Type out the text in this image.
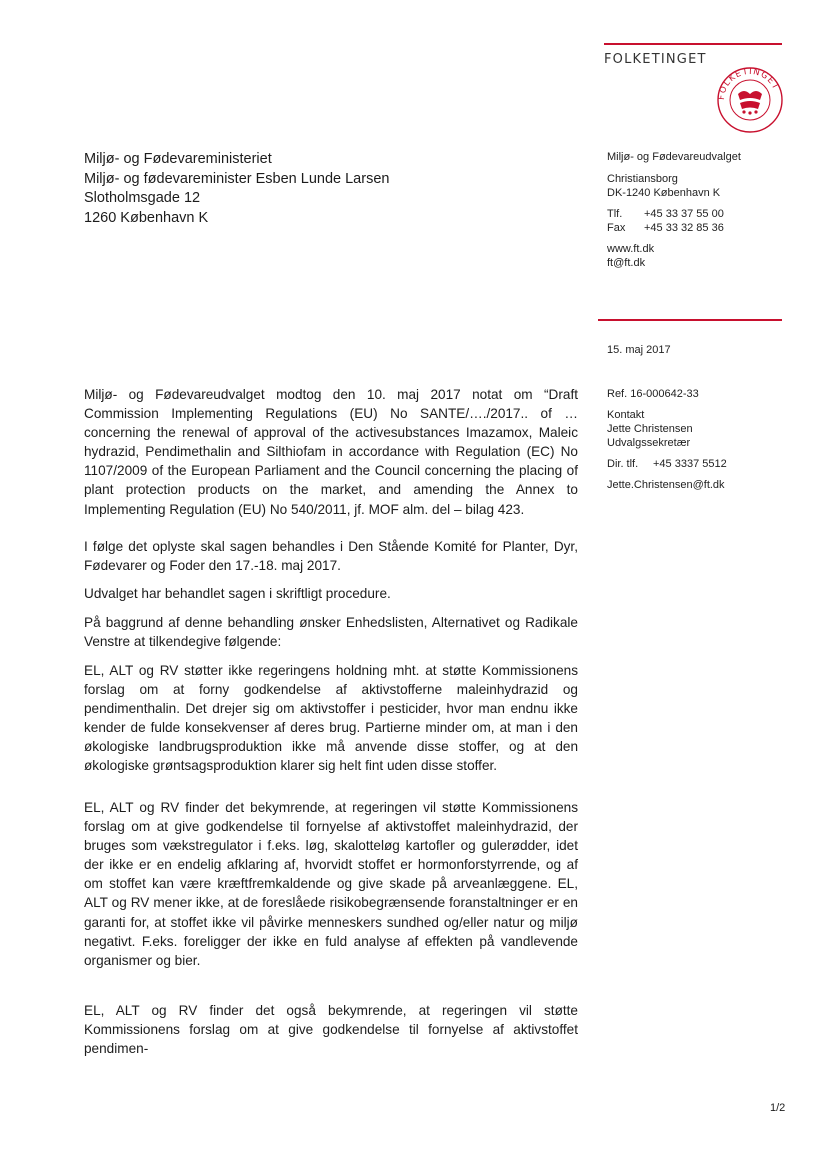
FOLKETINGET
FOLKETINGET
Miljø- og Fødevareministeriet
Miljø- og fødevareminister Esben Lunde Larsen
Slotholmsgade 12
1260 København K
Miljø- og Fødevareudvalget
Christiansborg
DK-1240 København K
Tlf. +45 33 37 55 00
Fax +45 33 32 85 36
www.ft.dk
ft@ft.dk
15. maj 2017
Ref. 16-000642-33
Kontakt
Jette Christensen
Udvalgssekretær
Dir. tlf. +45 3337 5512
Jette.Christensen@ft.dk

Miljø- og Fødevareudvalget modtog den 10. maj 2017 notat om “Draft Commission Implementing Regulations (EU) No SANTE/…./2017.. of … concerning the renewal of approval of the activesubstances Imazamox, Maleic hydrazid, Pendimethalin and Silthiofam in accordance with Regulation (EC) No 1107/2009 of the European Parliament and the Council concerning the placing of plant protection products on the market, and amending the Annex to Implementing Regulation (EU) No 540/2011, jf. MOF alm. del – bilag 423.

I følge det oplyste skal sagen behandles i Den Stående Komité for Planter, Dyr, Fødevarer og Foder den 17.-18. maj 2017.

Udvalget har behandlet sagen i skriftligt procedure.

På baggrund af denne behandling ønsker Enhedslisten, Alternativet og Radikale Venstre at tilkendegive følgende:

EL, ALT og RV støtter ikke regeringens holdning mht. at støtte Kommissionens forslag om at forny godkendelse af aktivstofferne maleinhydrazid og pendimenthalin. Det drejer sig om aktivstoffer i pesticider, hvor man endnu ikke kender de fulde konsekvenser af deres brug. Partierne minder om, at man i den økologiske landbrugsproduktion ikke må anvende disse stoffer, og at den økologiske grøntsagsproduktion klarer sig helt fint uden disse stoffer.

EL, ALT og RV finder det bekymrende, at regeringen vil støtte Kommissionens forslag om at give godkendelse til fornyelse af aktivstoffet maleinhydrazid, der bruges som vækstregulator i f.eks. løg, skalotteløg kartofler og gulerødder, idet der ikke er en endelig afklaring af, hvorvidt stoffet er hormonforstyrrende, og af om stoffet kan være kræftfremkaldende og give skade på arveanlæggene. EL, ALT og RV mener ikke, at de foreslåede risikobegrænsende foranstaltninger er en garanti for, at stoffet ikke vil påvirke menneskers sundhed og/eller natur og miljø negativt. F.eks. foreligger der ikke en fuld analyse af effekten på vandlevende organismer og bier.

EL, ALT og RV finder det også bekymrende, at regeringen vil støtte Kommissionens forslag om at give godkendelse til fornyelse af aktivstoffet pendimen-

1/2
